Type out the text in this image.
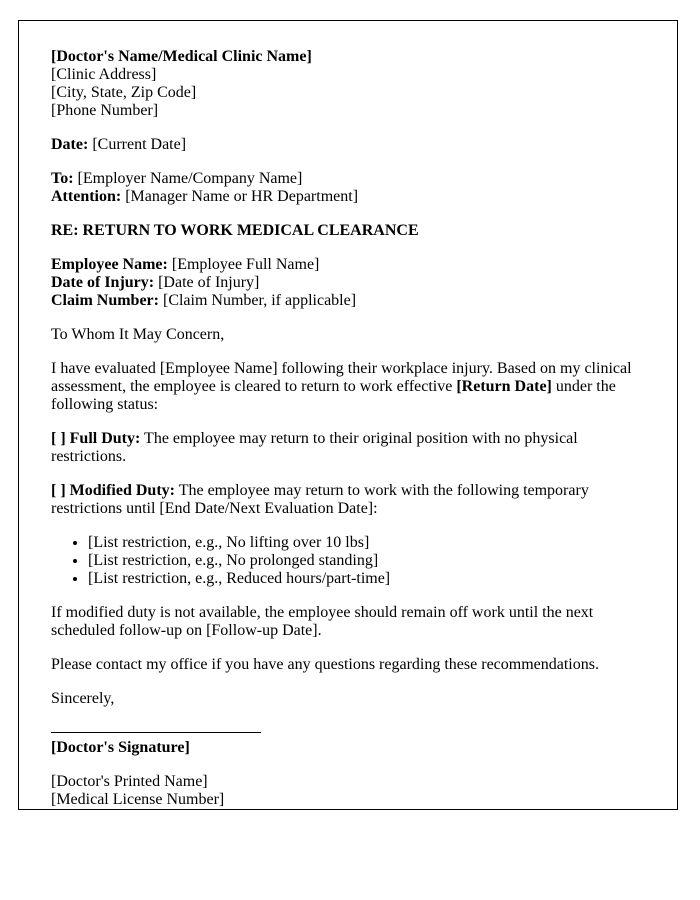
[Doctor's Name/Medical Clinic Name]

[Clinic Address]

[City, State, Zip Code]

[Phone Number]

Date: [Current Date]

To: [Employer Name/Company Name]

Attention: [Manager Name or HR Department]

RE: RETURN TO WORK MEDICAL CLEARANCE

Employee Name: [Employee Full Name]

Date of Injury: [Date of Injury]

Claim Number: [Claim Number, if applicable]

To Whom It May Concern,

I have evaluated [Employee Name] following their workplace injury. Based on my clinical assessment, the employee is cleared to return to work effective [Return Date] under the following status:

[ ] Full Duty: The employee may return to their original position with no physical restrictions.

[ ] Modified Duty: The employee may return to work with the following temporary restrictions until [End Date/Next Evaluation Date]:

• [List restriction, e.g., No lifting over 10 lbs]
• [List restriction, e.g., No prolonged standing]
• [List restriction, e.g., Reduced hours/part-time]

If modified duty is not available, the employee should remain off work until the next scheduled follow-up on [Follow-up Date].

Please contact my office if you have any questions regarding these recommendations.

Sincerely,

[Doctor's Signature]

[Doctor's Printed Name]

[Medical License Number]
